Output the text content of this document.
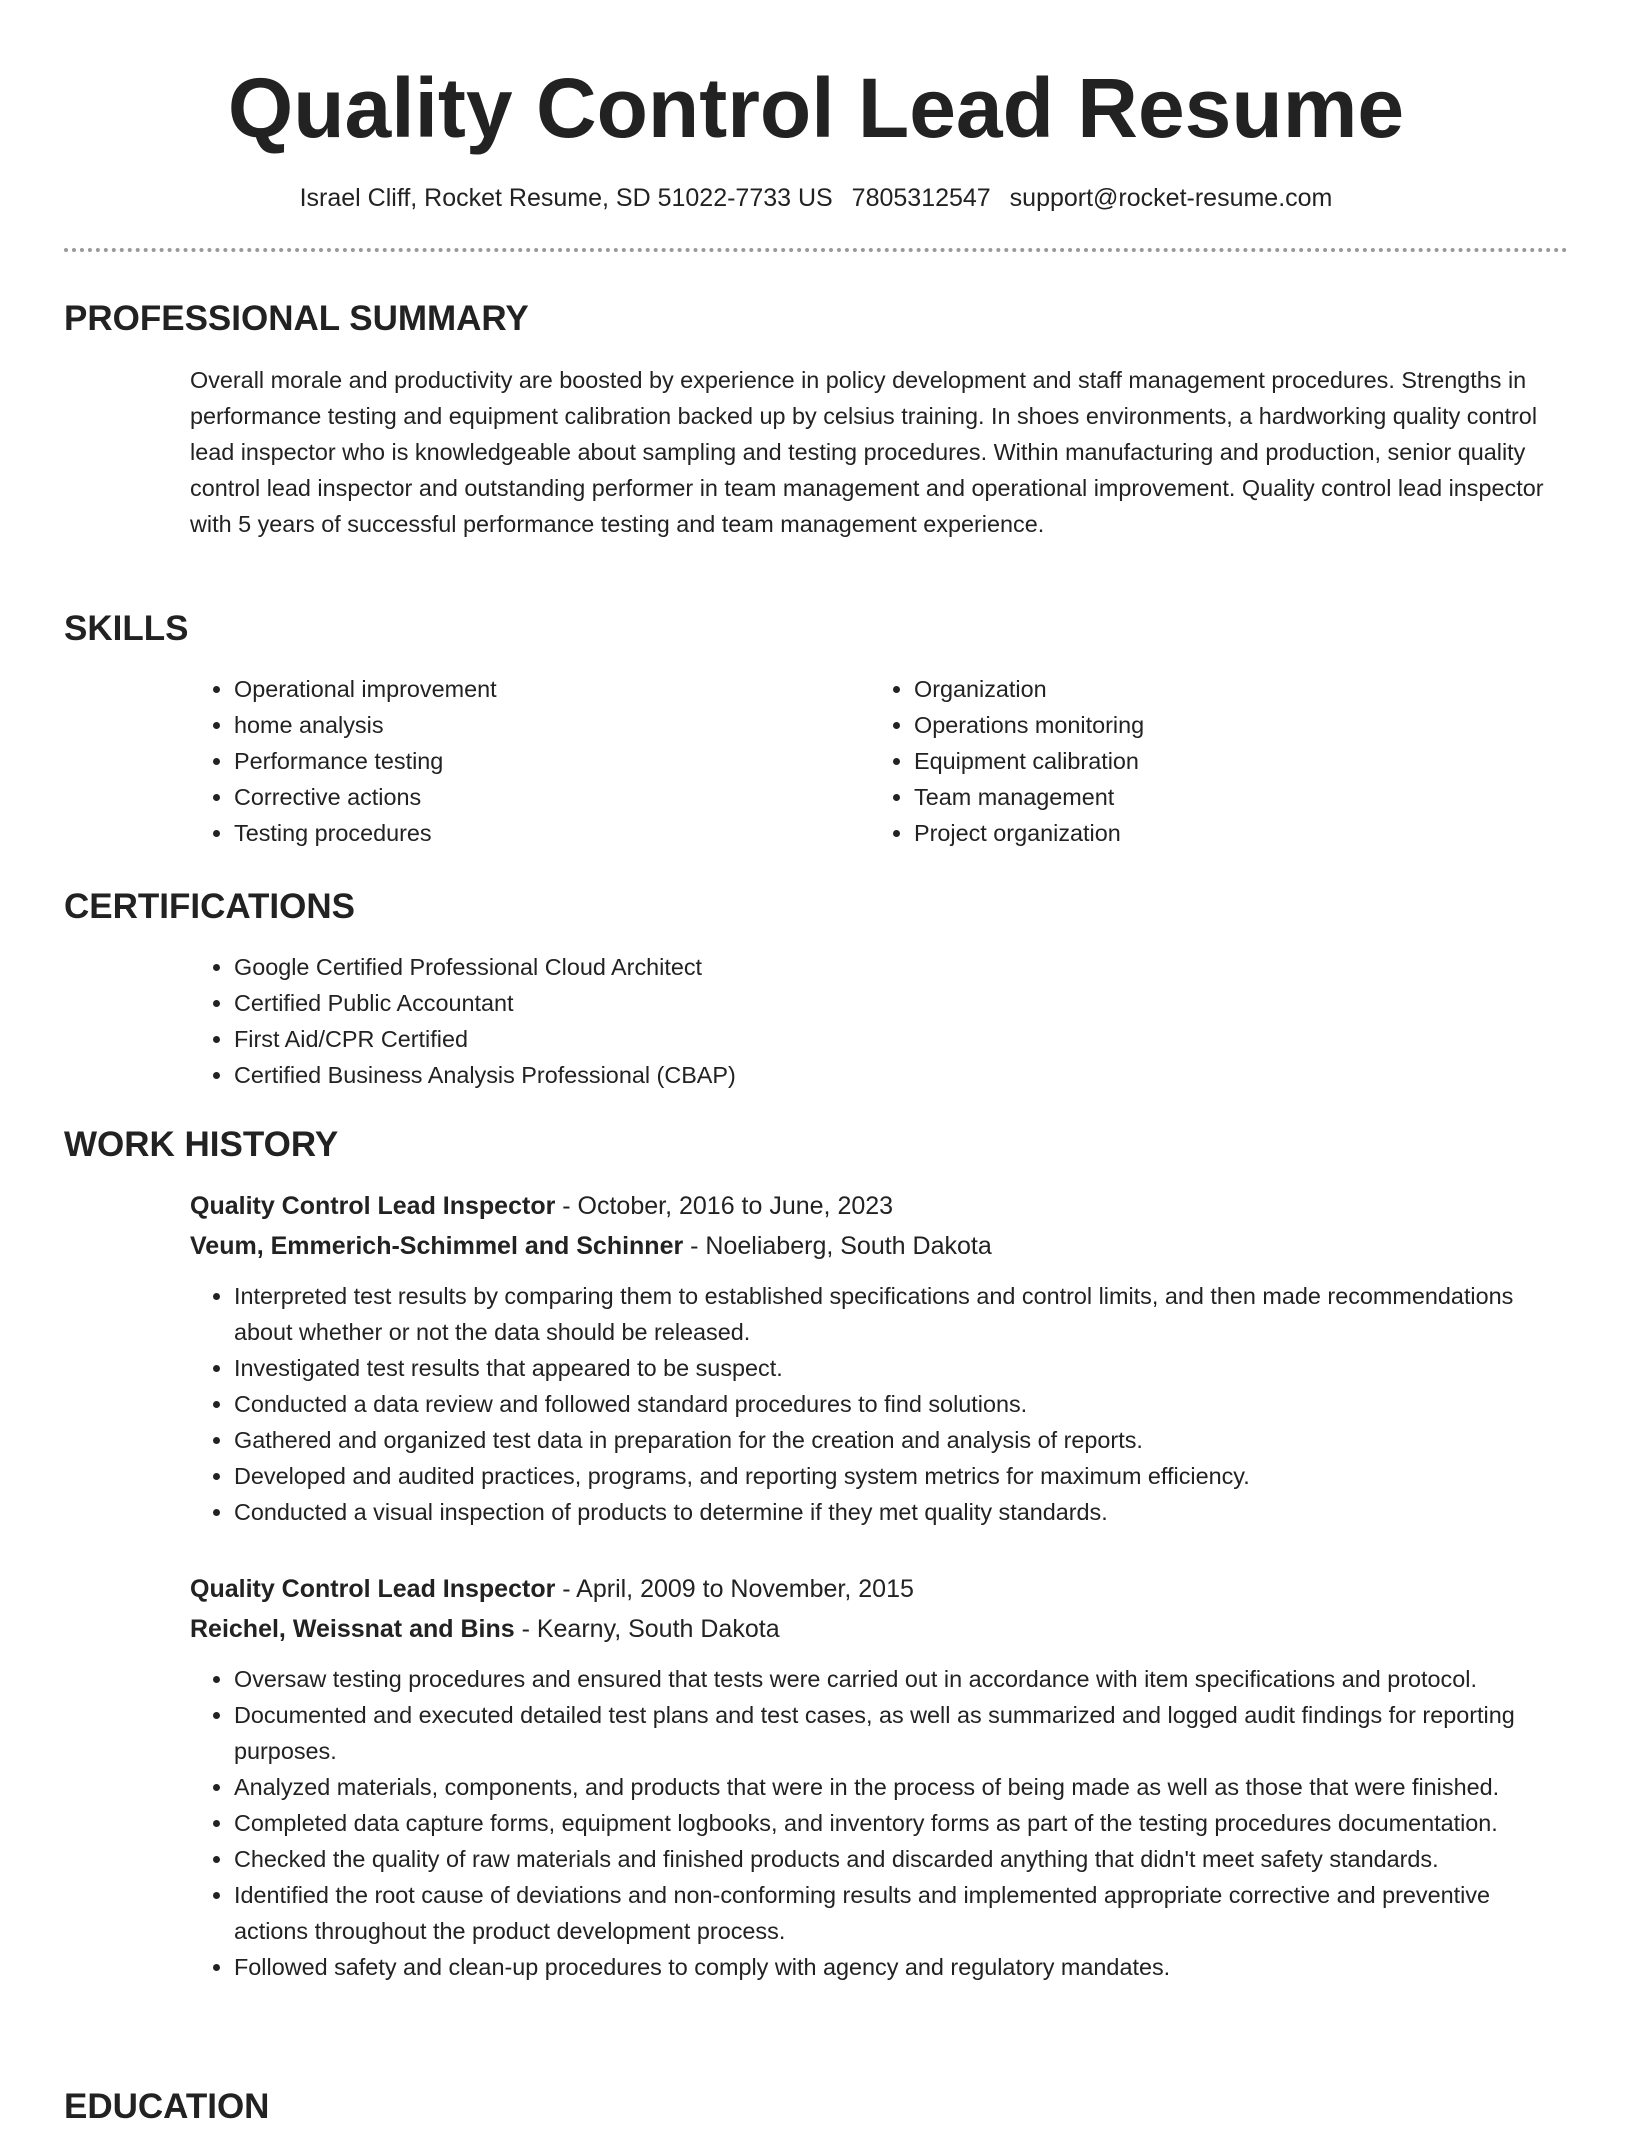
Quality Control Lead Resume
Israel Cliff, Rocket Resume, SD 51022-7733 US 7805312547 support@rocket-resume.com
PROFESSIONAL SUMMARY

Overall morale and productivity are boosted by experience in policy development and staff management procedures. Strengths in performance testing and equipment calibration backed up by celsius training. In shoes environments, a hardworking quality control lead inspector who is knowledgeable about sampling and testing procedures. Within manufacturing and production, senior quality control lead inspector and outstanding performer in team management and operational improvement. Quality control lead inspector with 5 years of successful performance testing and team management experience.

SKILLS
• Operational improvement
• home analysis
• Performance testing
• Corrective actions
• Testing procedures
• Organization
• Operations monitoring
• Equipment calibration
• Team management
• Project organization
CERTIFICATIONS
• Google Certified Professional Cloud Architect
• Certified Public Accountant
• First Aid/CPR Certified
• Certified Business Analysis Professional (CBAP)
WORK HISTORY

Quality Control Lead Inspector - October, 2016 to June, 2023

Veum, Emmerich-Schimmel and Schinner - Noeliaberg, South Dakota

• Interpreted test results by comparing them to established specifications and control limits, and then made recommendations about whether or not the data should be released.
• Investigated test results that appeared to be suspect.
• Conducted a data review and followed standard procedures to find solutions.
• Gathered and organized test data in preparation for the creation and analysis of reports.
• Developed and audited practices, programs, and reporting system metrics for maximum efficiency.
• Conducted a visual inspection of products to determine if they met quality standards.

Quality Control Lead Inspector - April, 2009 to November, 2015

Reichel, Weissnat and Bins - Kearny, South Dakota

• Oversaw testing procedures and ensured that tests were carried out in accordance with item specifications and protocol.
• Documented and executed detailed test plans and test cases, as well as summarized and logged audit findings for reporting purposes.
• Analyzed materials, components, and products that were in the process of being made as well as those that were finished.
• Completed data capture forms, equipment logbooks, and inventory forms as part of the testing procedures documentation.
• Checked the quality of raw materials and finished products and discarded anything that didn't meet safety standards.
• Identified the root cause of deviations and non-conforming results and implemented appropriate corrective and preventive actions throughout the product development process.
• Followed safety and clean-up procedures to comply with agency and regulatory mandates.
EDUCATION
